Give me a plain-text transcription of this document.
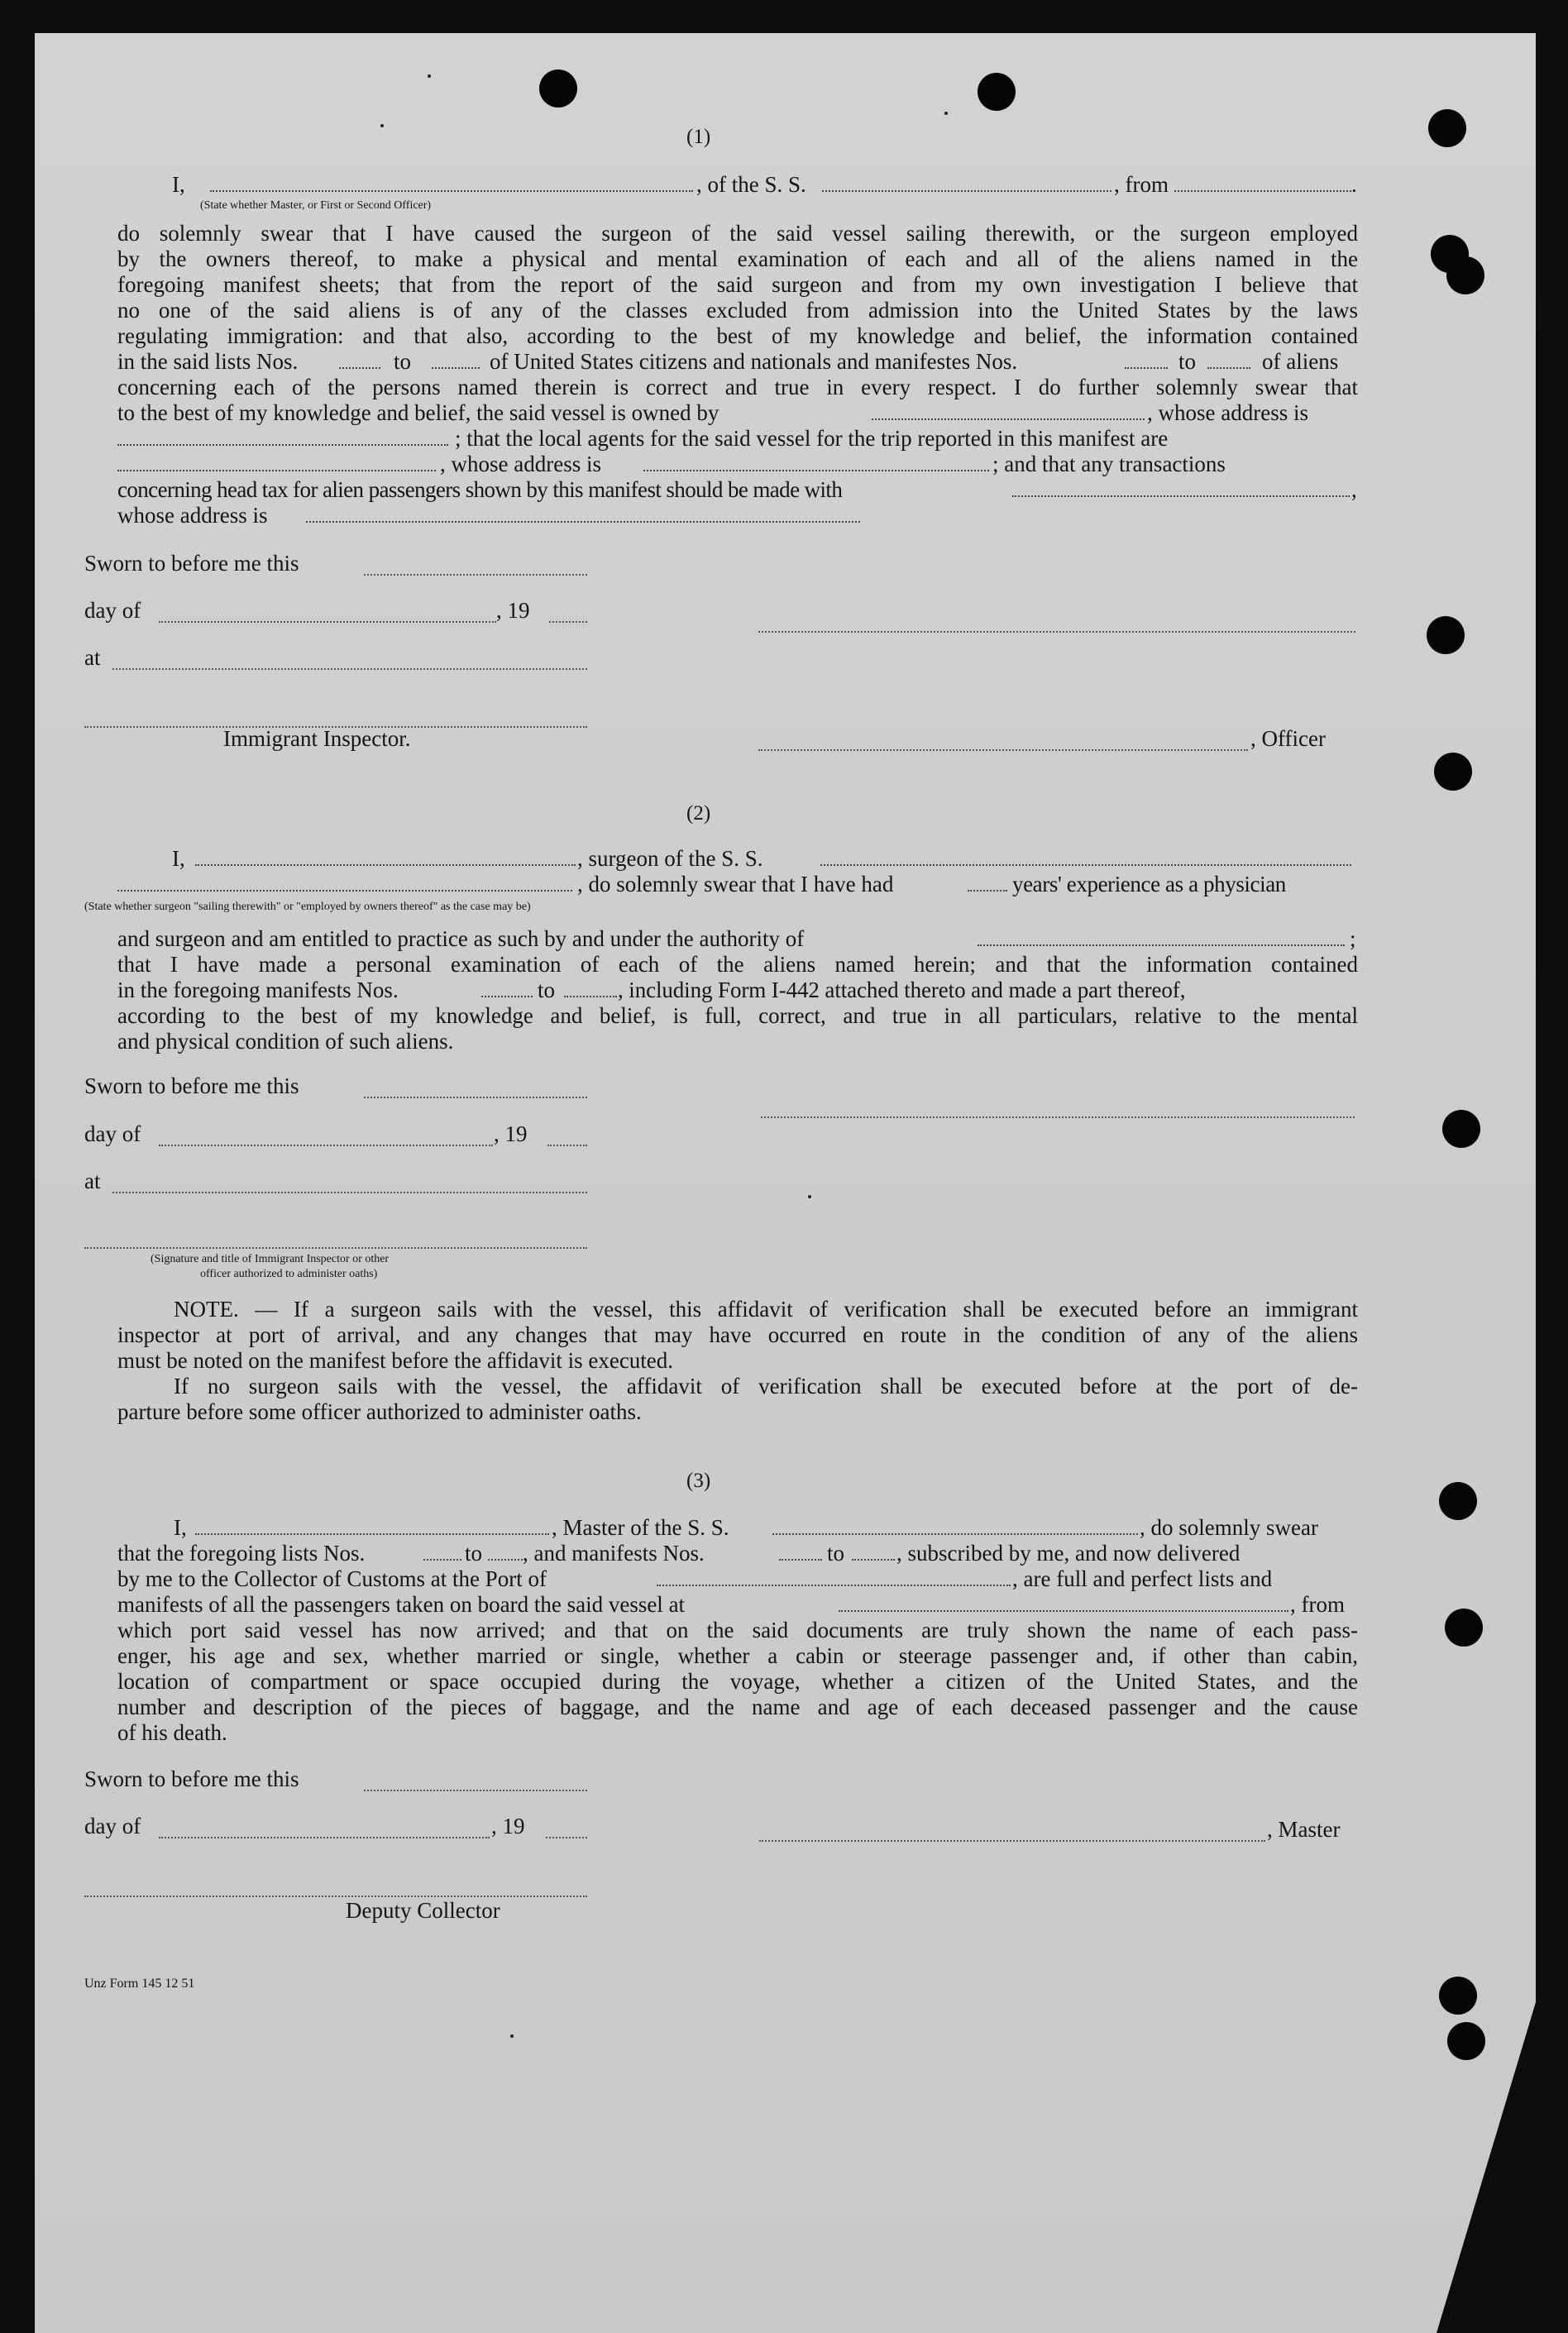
(1)
I,	, of the S. S.	, from	.
(State whether Master, or First or Second Officer)
do solemnly swear that I have caused the surgeon of the said vessel sailing therewith, or the surgeon employed
by the owners thereof, to make a physical and mental examination of each and all of the aliens named in the
foregoing manifest sheets; that from the report of the said surgeon and from my own investigation I believe that
no one of the said aliens is of any of the classes excluded from admission into the United States by the laws
regulating immigration: and that also, according to the best of my knowledge and belief, the information contained
in the said lists Nos.	to	of United States citizens and nationals and manifestes Nos.	to	of aliens
concerning each of the persons named therein is correct and true in every respect. I do further solemnly swear that
to the best of my knowledge and belief, the said vessel is owned by	, whose address is
; that the local agents for the said vessel for the trip reported in this manifest are
, whose address is	; and that any transactions
concerning head tax for alien passengers shown by this manifest should be made with	,
whose address is
Sworn to before me this
day of	, 19
at
Immigrant Inspector.	, Officer
(2)
I,	, surgeon of the S. S.
, do solemnly swear that I have had	years' experience as a physician
(State whether surgeon "sailing therewith" or "employed by owners thereof" as the case may be)
and surgeon and am entitled to practice as such by and under the authority of	;
that I have made a personal examination of each of the aliens named herein; and that the information contained
in the foregoing manifests Nos.	to	, including Form I-442 attached thereto and made a part thereof,
according to the best of my knowledge and belief, is full, correct, and true in all particulars, relative to the mental
and physical condition of such aliens.
Sworn to before me this
day of	, 19
at
(Signature and title of Immigrant Inspector or other
officer authorized to administer oaths)
NOTE. — If a surgeon sails with the vessel, this affidavit of verification shall be executed before an immigrant
inspector at port of arrival, and any changes that may have occurred en route in the condition of any of the aliens
must be noted on the manifest before the affidavit is executed.
If no surgeon sails with the vessel, the affidavit of verification shall be executed before at the port of de-
parture before some officer authorized to administer oaths.
(3)
I,	, Master of the S. S.	, do solemnly swear
that the foregoing lists Nos.	to , and manifests Nos.	to , subscribed by me, and now delivered
by me to the Collector of Customs at the Port of	, are full and perfect lists and
manifests of all the passengers taken on board the said vessel at	, from
which port said vessel has now arrived; and that on the said documents are truly shown the name of each pass-
enger, his age and sex, whether married or single, whether a cabin or steerage passenger and, if other than cabin,
location of compartment or space occupied during the voyage, whether a citizen of the United States, and the
number and description of the pieces of baggage, and the name and age of each deceased passenger and the cause
of his death.
Sworn to before me this
day of	, 19	, Master
Deputy Collector
Unz Form 145 12 51
